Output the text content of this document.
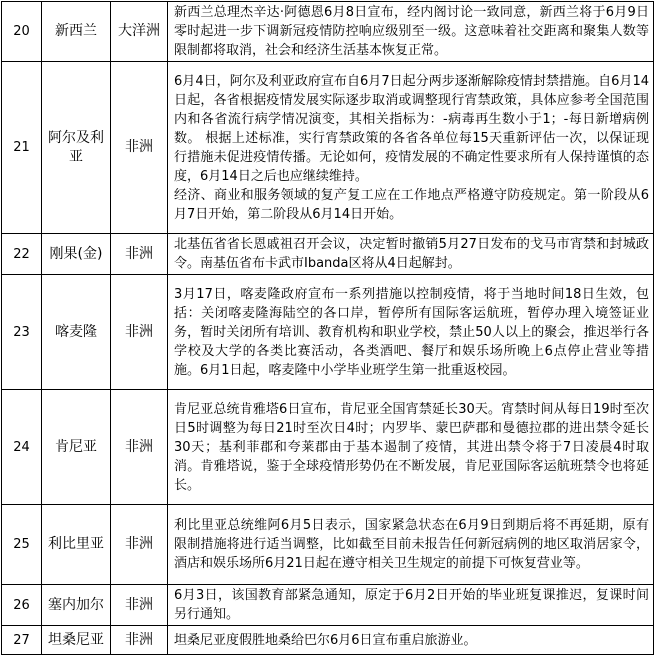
20	新西兰	大洋洲	新西兰总理杰辛达·阿德恩6月8日宣布，经内阁讨论一致同意，新西兰将于6月9日零时起进一步下调新冠疫情防控响应级别至一级。这意味着社交距离和聚集人数等限制都将取消，社会和经济生活基本恢复正常。

21	阿尔及利亚	非洲	6月4日，阿尔及利亚政府宣布自6月7日起分两步逐渐解除疫情封禁措施。自6月14日起，各省根据疫情发展实际逐步取消或调整现行宵禁政策，具体应参考全国范围内和各省流行病学情况演变，其相关指标为：-病毒再生数小于1；-每日新增病例数。 根据上述标准，实行宵禁政策的各省各单位每15天重新评估一次，以保证现行措施未促进疫情传播。无论如何，疫情发展的不确定性要求所有人保持谨慎的态度，6月14日之后也应继续维持。
经济、商业和服务领域的复产复工应在工作地点严格遵守防疫规定。第一阶段从6月7日开始，第二阶段从6月14日开始。

22	刚果(金)	非洲	北基伍省省长恩戚祖召开会议，决定暂时撤销5月27日发布的戈马市宵禁和封城政令。南基伍省布卡武市Ibanda区将从4日起解封。

23	喀麦隆	非洲	3月17日，喀麦隆政府宣布一系列措施以控制疫情，将于当地时间18日生效，包括：关闭喀麦隆海陆空的各口岸，暂停所有国际客运航班，暂停办理入境签证业务，暂时关闭所有培训、教育机构和职业学校，禁止50人以上的聚会，推迟举行各学校及大学的各类比赛活动，各类酒吧、餐厅和娱乐场所晚上6点停止营业等措施。6月1日起，喀麦隆中小学毕业班学生第一批重返校园。

24	肯尼亚	非洲	肯尼亚总统肯雅塔6日宣布，肯尼亚全国宵禁延长30天。宵禁时间从每日19时至次日5时调整为每日21时至次日4时；内罗毕、蒙巴萨郡和曼德拉郡的进出禁令延长30天；基利菲郡和夸莱郡由于基本遏制了疫情，其进出禁令将于7日凌晨4时取消。肯雅塔说，鉴于全球疫情形势仍在不断发展，肯尼亚国际客运航班禁令也将延长。

25	利比里亚	非洲	利比里亚总统维阿6月5日表示，国家紧急状态在6月9日到期后将不再延期，原有限制措施将进行适当调整，比如截至目前未报告任何新冠病例的地区取消居家令，酒店和娱乐场所6月21日起在遵守相关卫生规定的前提下可恢复营业等。

26	塞内加尔	非洲	6月3日，该国教育部紧急通知，原定于6月2日开始的毕业班复课推迟，复课时间另行通知。

27	坦桑尼亚	非洲	坦桑尼亚度假胜地桑给巴尔6月6日宣布重启旅游业。
